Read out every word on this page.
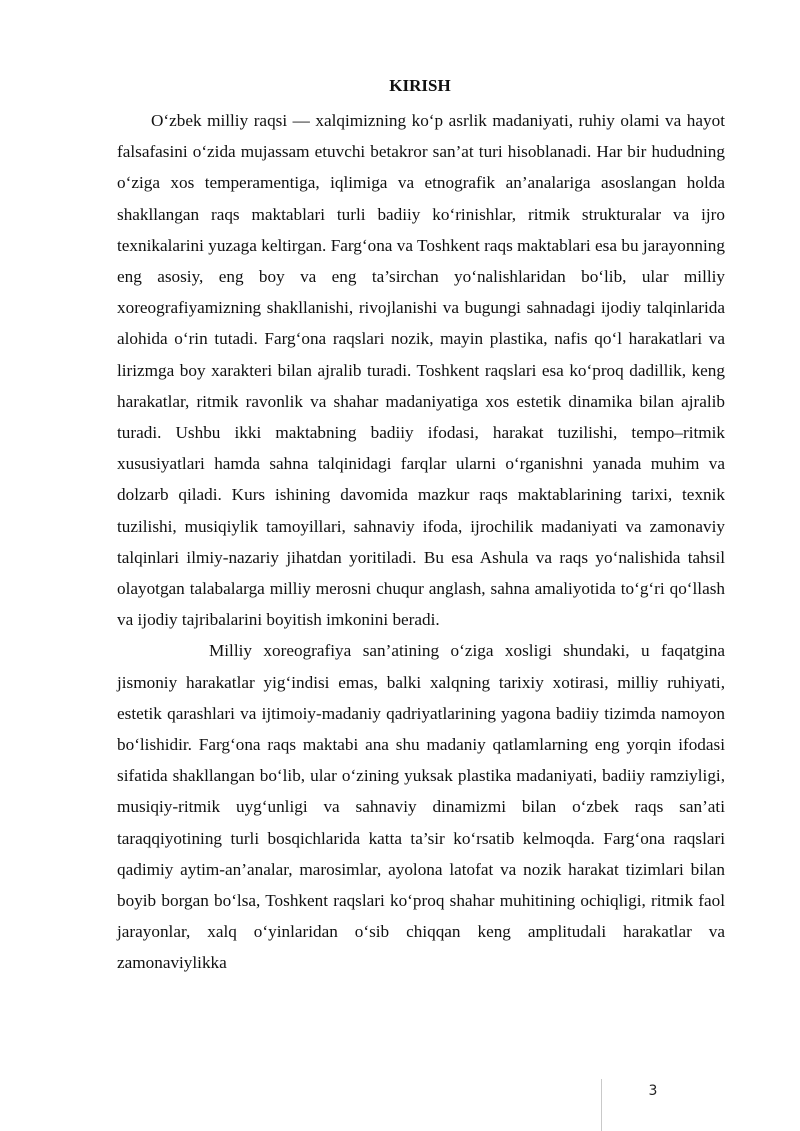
KIRISH

O‘zbek milliy raqsi — xalqimizning ko‘p asrlik madaniyati, ruhiy olami va hayot falsafasini o‘zida mujassam etuvchi betakror san’at turi hisoblanadi. Har bir hududning o‘ziga xos temperamentiga, iqlimiga va etnografik an’analariga asoslangan holda shakllangan raqs maktablari turli badiiy ko‘rinishlar, ritmik strukturalar va ijro texnikalarini yuzaga keltirgan. Farg‘ona va Toshkent raqs maktablari esa bu jarayonning eng asosiy, eng boy va eng ta’sirchan yo‘nalishlaridan bo‘lib, ular milliy xoreografiyamizning shakllanishi, rivojlanishi va bugungi sahnadagi ijodiy talqinlarida alohida o‘rin tutadi. Farg‘ona raqslari nozik, mayin plastika, nafis qo‘l harakatlari va lirizmga boy xarakteri bilan ajralib turadi. Toshkent raqslari esa ko‘proq dadillik, keng harakatlar, ritmik ravonlik va shahar madaniyatiga xos estetik dinamika bilan ajralib turadi. Ushbu ikki maktabning badiiy ifodasi, harakat tuzilishi, tempo–ritmik xususiyatlari hamda sahna talqinidagi farqlar ularni o‘rganishni yanada muhim va dolzarb qiladi. Kurs ishining davomida mazkur raqs maktablarining tarixi, texnik tuzilishi, musiqiylik tamoyillari, sahnaviy ifoda, ijrochilik madaniyati va zamonaviy talqinlari ilmiy-nazariy jihatdan yoritiladi. Bu esa Ashula va raqs yo‘nalishida tahsil olayotgan talabalarga milliy merosni chuqur anglash, sahna amaliyotida to‘g‘ri qo‘llash va ijodiy tajribalarini boyitish imkonini beradi.

Milliy xoreografiya san’atining o‘ziga xosligi shundaki, u faqatgina jismoniy harakatlar yig‘indisi emas, balki xalqning tarixiy xotirasi, milliy ruhiyati, estetik qarashlari va ijtimoiy-madaniy qadriyatlarining yagona badiiy tizimda namoyon bo‘lishidir. Farg‘ona raqs maktabi ana shu madaniy qatlamlarning eng yorqin ifodasi sifatida shakllangan bo‘lib, ular o‘zining yuksak plastika madaniyati, badiiy ramziyligi, musiqiy-ritmik uyg‘unligi va sahnaviy dinamizmi bilan o‘zbek raqs san’ati taraqqiyotining turli bosqichlarida katta ta’sir ko‘rsatib kelmoqda. Farg‘ona raqslari qadimiy aytim-an’analar, marosimlar, ayolona latofat va nozik harakat tizimlari bilan boyib borgan bo‘lsa, Toshkent raqslari ko‘proq shahar muhitining ochiqligi, ritmik faol jarayonlar, xalq o‘yinlaridan o‘sib chiqqan keng amplitudali harakatlar va zamonaviylikka

3
